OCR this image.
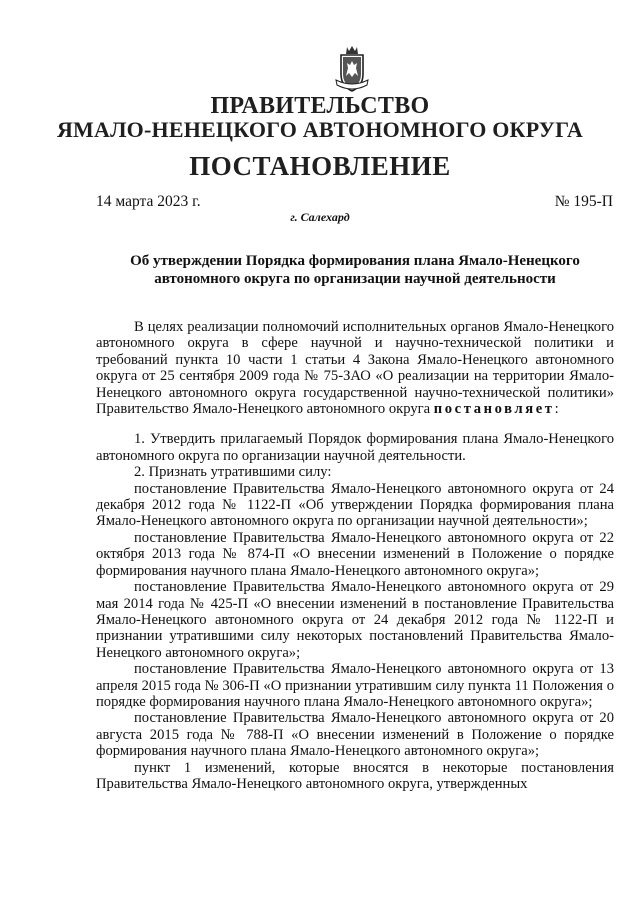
ПРАВИТЕЛЬСТВО
ЯМАЛО-НЕНЕЦКОГО АВТОНОМНОГО ОКРУГА
ПОСТАНОВЛЕНИЕ
14 марта 2023 г.	№ 195-П
г. Салехард
Об утверждении Порядка формирования плана Ямало-Ненецкого
автономного округа по организации научной деятельности

В целях реализации полномочий исполнительных органов Ямало-Ненецкого автономного округа в сфере научной и научно-технической политики и требований пункта 10 части 1 статьи 4 Закона Ямало-Ненецкого автономного округа от 25 сентября 2009 года № 75-ЗАО «О реализации на территории Ямало-Ненецкого автономного округа государственной научно-технической политики» Правительство Ямало-Ненецкого автономного округа постановляет:

1. Утвердить прилагаемый Порядок формирования плана Ямало-Ненецкого автономного округа по организации научной деятельности.

2. Признать утратившими силу:

постановление Правительства Ямало-Ненецкого автономного округа от 24 декабря 2012 года № 1122-П «Об утверждении Порядка формирования плана Ямало-Ненецкого автономного округа по организации научной деятельности»;

постановление Правительства Ямало-Ненецкого автономного округа от 22 октября 2013 года № 874-П «О внесении изменений в Положение о порядке формирования научного плана Ямало-Ненецкого автономного округа»;

постановление Правительства Ямало-Ненецкого автономного округа от 29 мая 2014 года № 425-П «О внесении изменений в постановление Правительства Ямало-Ненецкого автономного округа от 24 декабря 2012 года № 1122-П и признании утратившими силу некоторых постановлений Правительства Ямало-Ненецкого автономного округа»;

постановление Правительства Ямало-Ненецкого автономного округа от 13 апреля 2015 года № 306-П «О признании утратившим силу пункта 11 Положения о порядке формирования научного плана Ямало-Ненецкого автономного округа»;

постановление Правительства Ямало-Ненецкого автономного округа от 20 августа 2015 года № 788-П «О внесении изменений в Положение о порядке формирования научного плана Ямало-Ненецкого автономного округа»;

пункт 1 изменений, которые вносятся в некоторые постановления Правительства Ямало-Ненецкого автономного округа, утвержденных
